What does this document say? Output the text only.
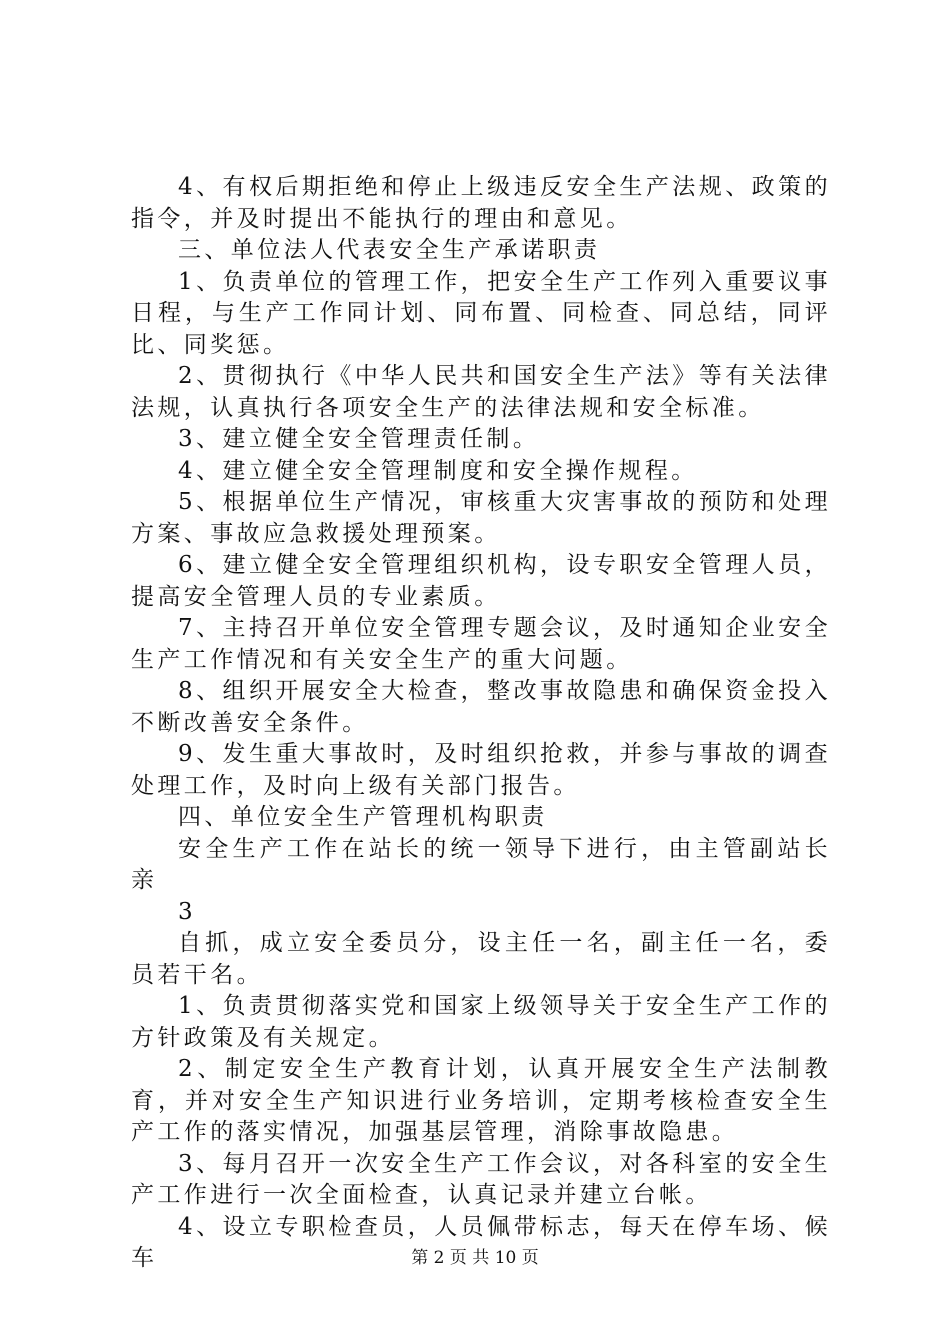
4、有权后期拒绝和停止上级违反安全生产法规、政策的指令，并及时提出不能执行的理由和意见。

三、单位法人代表安全生产承诺职责

1、负责单位的管理工作，把安全生产工作列入重要议事日程，与生产工作同计划、同布置、同检查、同总结，同评比、同奖惩。

2、贯彻执行《中华人民共和国安全生产法》等有关法律法规，认真执行各项安全生产的法律法规和安全标准。

3、建立健全安全管理责任制。

4、建立健全安全管理制度和安全操作规程。

5、根据单位生产情况，审核重大灾害事故的预防和处理方案、事故应急救援处理预案。

6、建立健全安全管理组织机构，设专职安全管理人员，提高安全管理人员的专业素质。

7、主持召开单位安全管理专题会议，及时通知企业安全生产工作情况和有关安全生产的重大问题。

8、组织开展安全大检查，整改事故隐患和确保资金投入不断改善安全条件。

9、发生重大事故时，及时组织抢救，并参与事故的调查处理工作，及时向上级有关部门报告。

四、单位安全生产管理机构职责

安全生产工作在站长的统一领导下进行，由主管副站长亲

3

自抓，成立安全委员分，设主任一名，副主任一名，委员若干名。

1、负责贯彻落实党和国家上级领导关于安全生产工作的方针政策及有关规定。

2、制定安全生产教育计划，认真开展安全生产法制教育，并对安全生产知识进行业务培训，定期考核检查安全生产工作的落实情况，加强基层管理，消除事故隐患。

3、每月召开一次安全生产工作会议，对各科室的安全生产工作进行一次全面检查，认真记录并建立台帐。

4、设立专职检查员，人员佩带标志，每天在停车场、候车	第 2 页 共 10 页
